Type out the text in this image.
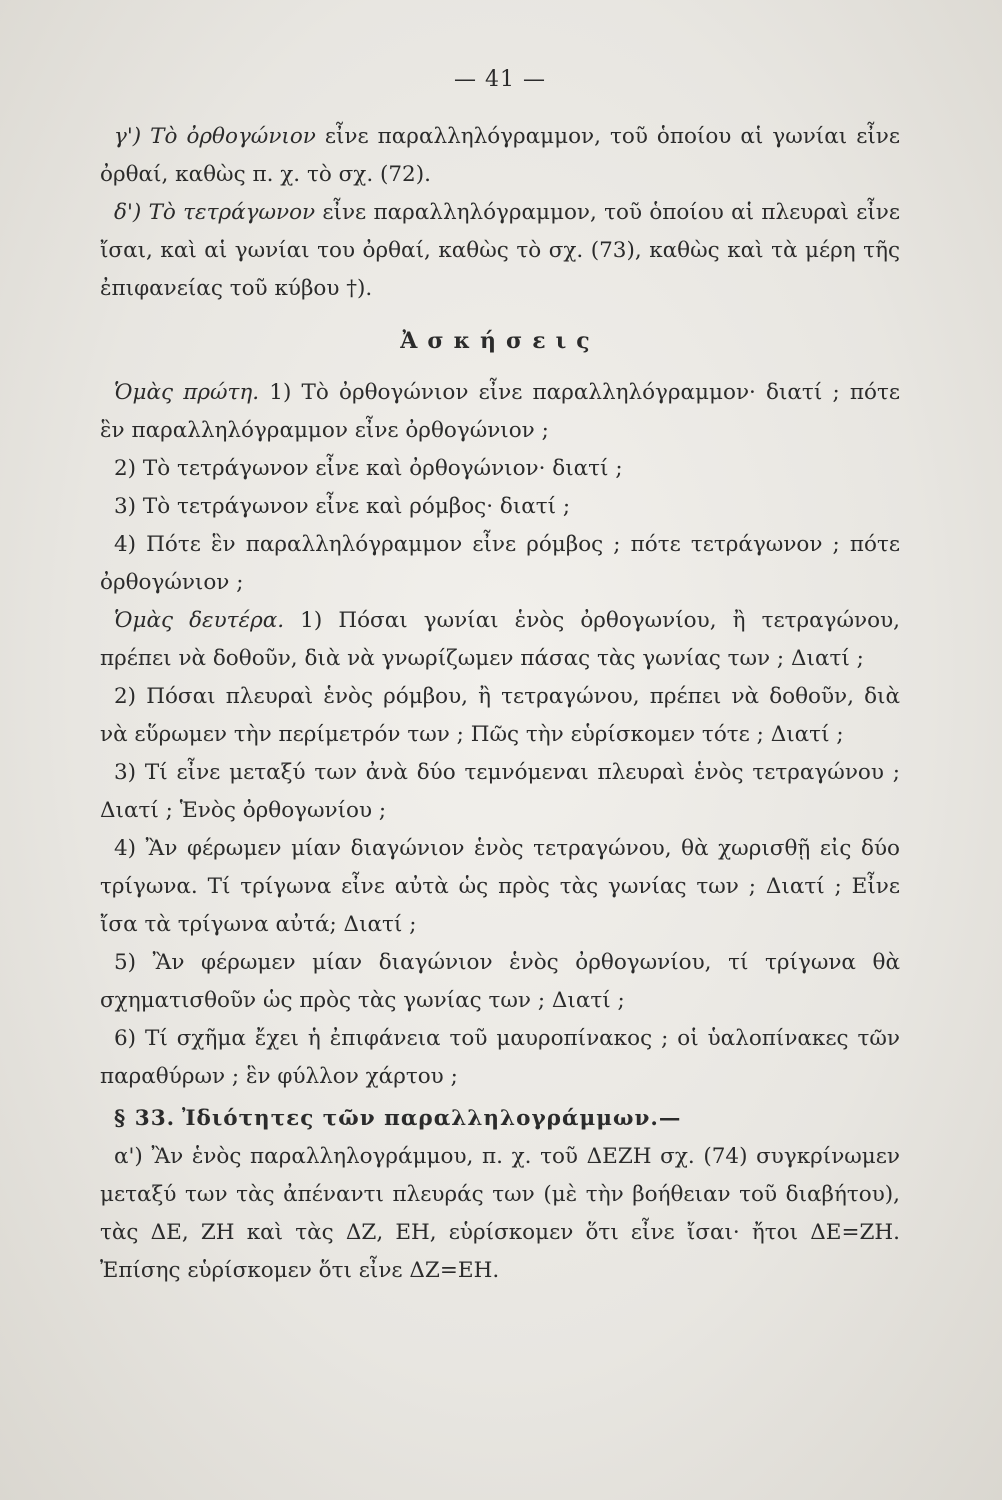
— 41 —

γ') Τὸ ὀρθογώνιον εἶνε παραλληλόγραμμον, τοῦ ὁποίου αἱ γωνίαι εἶνε ὀρθαί, καθὼς π. χ. τὸ σχ. (72).

δ') Τὸ τετράγωνον εἶνε παραλληλόγραμμον, τοῦ ὁποίου αἱ πλευραὶ εἶνε ἴσαι, καὶ αἱ γωνίαι του ὀρθαί, καθὼς τὸ σχ. (73), καθὼς καὶ τὰ μέρη τῆς ἐπιφανείας τοῦ κύβου †).

Ἀσκήσεις

Ὁμὰς πρώτη. 1) Τὸ ὀρθογώνιον εἶνε παραλληλόγραμμον· διατί ; πότε ἓν παραλληλόγραμμον εἶνε ὀρθογώνιον ;

2) Τὸ τετράγωνον εἶνε καὶ ὀρθογώνιον· διατί ;

3) Τὸ τετράγωνον εἶνε καὶ ρόμβος· διατί ;

4) Πότε ἓν παραλληλόγραμμον εἶνε ρόμβος ; πότε τετράγωνον ; πότε ὀρθογώνιον ;

Ὁμὰς δευτέρα. 1) Πόσαι γωνίαι ἑνὸς ὀρθογωνίου, ἢ τετραγώνου, πρέπει νὰ δοθοῦν, διὰ νὰ γνωρίζωμεν πάσας τὰς γωνίας των ; Διατί ;

2) Πόσαι πλευραὶ ἑνὸς ρόμβου, ἢ τετραγώνου, πρέπει νὰ δοθοῦν, διὰ νὰ εὕρωμεν τὴν περίμετρόν των ; Πῶς τὴν εὑρίσκομεν τότε ; Διατί ;

3) Τί εἶνε μεταξύ των ἀνὰ δύο τεμνόμεναι πλευραὶ ἑνὸς τετραγώνου ; Διατί ; Ἑνὸς ὀρθογωνίου ;

4) Ἂν φέρωμεν μίαν διαγώνιον ἑνὸς τετραγώνου, θὰ χωρισθῇ εἰς δύο τρίγωνα. Τί τρίγωνα εἶνε αὐτὰ ὡς πρὸς τὰς γωνίας των ; Διατί ; Εἶνε ἴσα τὰ τρίγωνα αὐτά; Διατί ;

5) Ἂν φέρωμεν μίαν διαγώνιον ἑνὸς ὀρθογωνίου, τί τρίγωνα θὰ σχηματισθοῦν ὡς πρὸς τὰς γωνίας των ; Διατί ;

6) Τί σχῆμα ἔχει ἡ ἐπιφάνεια τοῦ μαυροπίνακος ; οἱ ὑαλοπίνακες τῶν παραθύρων ; ἓν φύλλον χάρτου ;

§ 33. Ἰδιότητες τῶν παραλληλογράμμων.—

α') Ἂν ἑνὸς παραλληλογράμμου, π. χ. τοῦ ΔΕΖΗ σχ. (74) συγκρίνωμεν μεταξύ των τὰς ἀπέναντι πλευράς των (μὲ τὴν βοήθειαν τοῦ διαβήτου), τὰς ΔΕ, ΖΗ καὶ τὰς ΔΖ, ΕΗ, εὑρίσκομεν ὅτι εἶνε ἴσαι· ἤτοι ΔΕ=ΖΗ. Ἐπίσης εὑρίσκομεν ὅτι εἶνε ΔΖ=ΕΗ.
